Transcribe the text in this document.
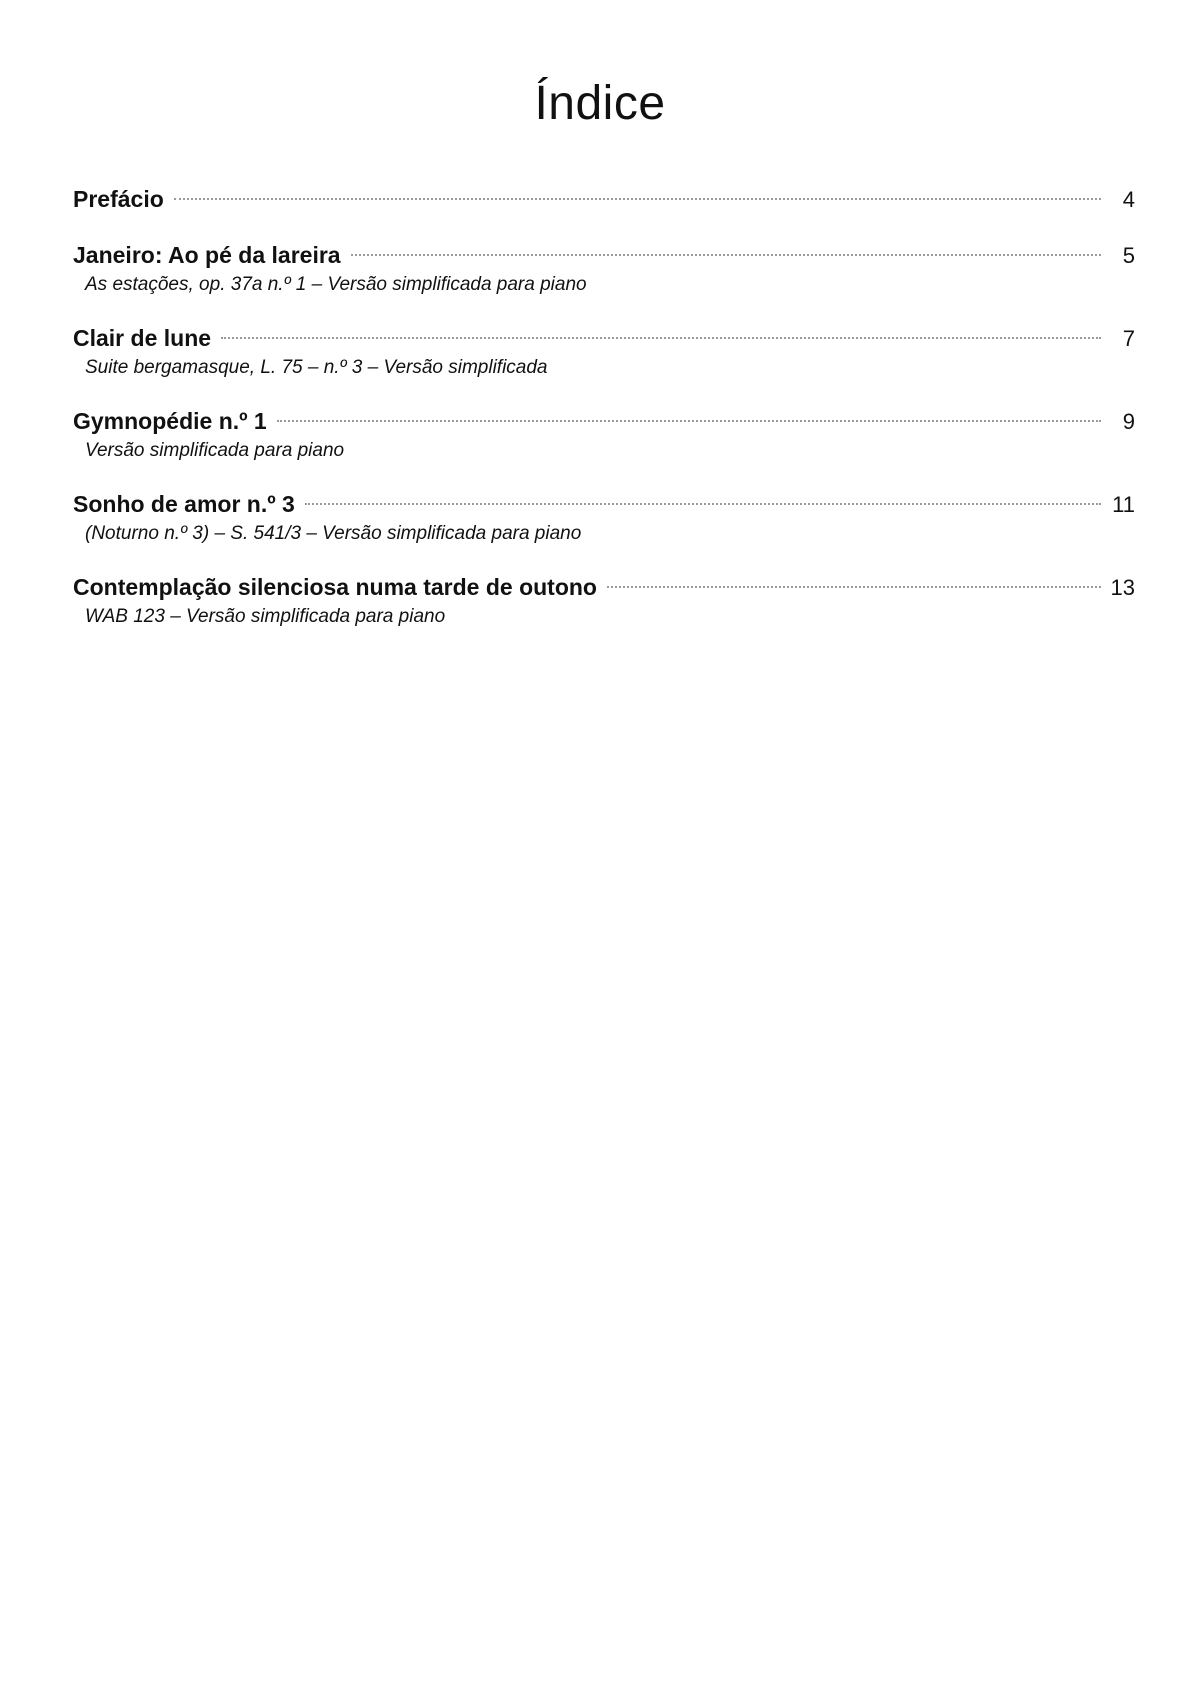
Índice
Prefácio	4
Janeiro: Ao pé da lareira	5
As estações, op. 37a n.º 1 – Versão simplificada para piano
Clair de lune	7
Suite bergamasque, L. 75 – n.º 3 – Versão simplificada
Gymnopédie n.º 1	9
Versão simplificada para piano
Sonho de amor n.º 3	11
(Noturno n.º 3) – S. 541/3 – Versão simplificada para piano
Contemplação silenciosa numa tarde de outono	13
WAB 123 – Versão simplificada para piano
